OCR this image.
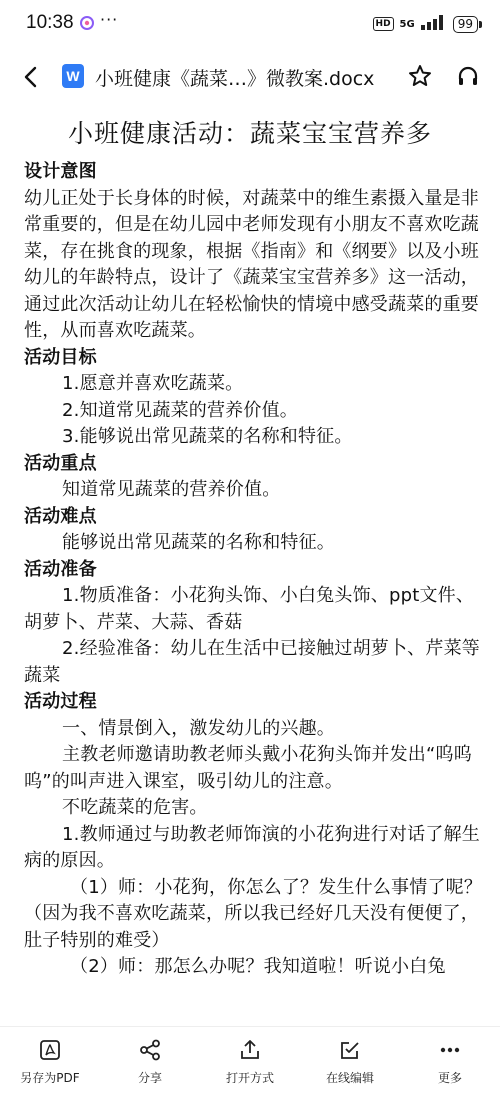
10:38 ···	HD 5G	99
W 小班健康《蔬菜…》微教案.docx
小班健康活动：蔬菜宝宝营养多

设计意图

幼儿正处于长身体的时候，对蔬菜中的维生素摄入量是非常重要的，但是在幼儿园中老师发现有小朋友不喜欢吃蔬菜，存在挑食的现象，根据《指南》和《纲要》以及小班幼儿的年龄特点，设计了《蔬菜宝宝营养多》这一活动，通过此次活动让幼儿在轻松愉快的情境中感受蔬菜的重要性，从而喜欢吃蔬菜。

活动目标

1.愿意并喜欢吃蔬菜。

2.知道常见蔬菜的营养价值。

3.能够说出常见蔬菜的名称和特征。

活动重点

知道常见蔬菜的营养价值。

活动难点

能够说出常见蔬菜的名称和特征。

活动准备

1.物质准备：小花狗头饰、小白兔头饰、ppt文件、胡萝卜、芹菜、大蒜、香菇

2.经验准备：幼儿在生活中已接触过胡萝卜、芹菜等蔬菜

活动过程

一、情景倒入，激发幼儿的兴趣。

主教老师邀请助教老师头戴小花狗头饰并发出“呜呜呜”的叫声进入课室，吸引幼儿的注意。

不吃蔬菜的危害。

1.教师通过与助教老师饰演的小花狗进行对话了解生病的原因。

（1）师：小花狗，你怎么了？发生什么事情了呢？（因为我不喜欢吃蔬菜，所以我已经好几天没有便便了，肚子特别的难受）

（2）师：那怎么办呢？我知道啦！听说小白兔

另存为PDF	分享	打开方式	在线编辑	更多
